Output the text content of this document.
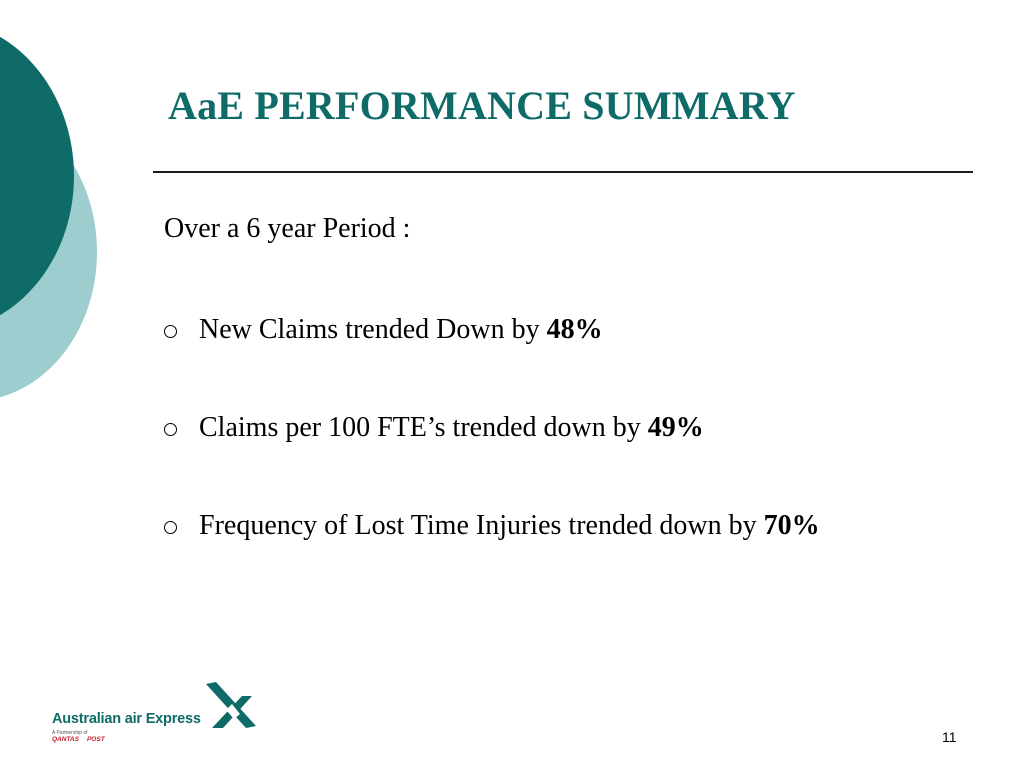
AaE PERFORMANCE SUMMARY

Over a 6 year Period :

New Claims trended Down by 48%
Claims per 100 FTE’s trended down by 49%
Frequency of Lost Time Injuries trended down by 70%
Australian air Express
A Partnership of
QANTAS POST	11
